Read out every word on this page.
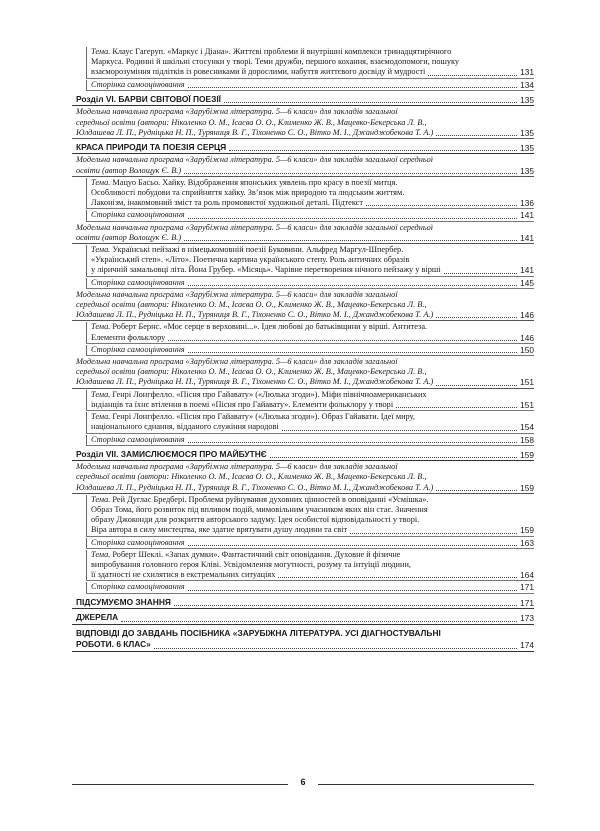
Тема. Клаус Гагеруп. «Маркус і Діана». Життєві проблеми й внутрішні комплекси тринадцятирічного
Маркуса. Родинні й шкільні стосунки у творі. Теми дружби, першого кохання, взаємодопомоги, пошуку
взаєморозуміння підлітків із ровесниками й дорослими, набуття життєвого досвіду й мудрості	131
Сторінка самооцінювання	134
Розділ VI. БАРВИ СВІТОВОЇ ПОЕЗІЇ	135
Модельна навчальна програма «Зарубіжна література. 5—6 класи» для закладів загальної
середньої освіти (автори: Ніколенко О. М., Ісаєва О. О., Клименко Ж. В., Мацевко-Бекерська Л. В.,
Юлдашева Л. П., Рудніцька Н. П., Туряниця В. Г., Тіхоненко С. О., Вітко М. І., Джанджобекова Т. А.)	135
КРАСА ПРИРОДИ ТА ПОЕЗІЯ СЕРЦЯ	135
Модельна навчальна програма «Зарубіжна література. 5—6 класи» для закладів загальної середньої
освіти (автор Волощук Є. В.)	135
Тема. Мацуо Басьо. Хайку. Відображення японських уявлень про красу в поезії митця.
Особливості побудови та сприйняття хайку. Зв’язок між природою та людським життям.
Лаконізм, інакомовний зміст та роль промовистої художньої деталі. Підтекст	136
Сторінка самооцінювання	141
Модельна навчальна програма «Зарубіжна література. 5—6 класи» для закладів загальної середньої
освіти (автор Волощук Є. В.)	141
Тема. Українські пейзажі в німецькомовній поезії Буковини. Альфред Маргул-Шпербер.
«Український степ». «Літо». Поетична картина українського степу. Роль античних образів
у ліричній замальовці літа. Йона Грубер. «Місяць». Чарівне перетворення нічного пейзажу у вірші	141
Сторінка самооцінювання	145
Модельна навчальна програма «Зарубіжна література. 5—6 класи» для закладів загальної
середньої освіти (автори: Ніколенко О. М., Ісаєва О. О., Клименко Ж. В., Мацевко-Бекерська Л. В.,
Юлдашева Л. П., Рудніцька Н. П., Туряниця В. Г., Тіхоненко С. О., Вітко М. І., Джанджобекова Т. А.)	146
Тема. Роберт Бернс. «Моє серце в верховині...». Ідея любові до батьківщини у вірші. Антитеза.
Елементи фольклору	146
Сторінка самооцінювання	150
Модельна навчальна програма «Зарубіжна література. 5—6 класи» для закладів загальної
середньої освіти (автори: Ніколенко О. М., Ісаєва О. О., Клименко Ж. В., Мацевко-Бекерська Л. В.,
Юлдашева Л. П., Рудніцька Н. П., Туряниця В. Г., Тіхоненко С. О., Вітко М. І., Джанджобекова Т. А.)	151
Тема. Генрі Лонгфелло. «Пісня про Гайавату» («Люлька згоди»). Міфи північноамериканських
індіанців та їхнє втілення в поемі «Пісня про Гайавату». Елементи фольклору у творі	151
Тема. Генрі Лонгфелло. «Пісня про Гайавату» («Люлька згоди»). Образ Гайавати. Ідеї миру,
національного єднання, відданого служіння народові	154
Сторінка самооцінювання	158
Розділ VII. ЗАМИСЛЮЄМОСЯ ПРО МАЙБУТНЄ	159
Модельна навчальна програма «Зарубіжна література. 5—6 класи» для закладів загальної
середньої освіти (автори: Ніколенко О. М., Ісаєва О. О., Клименко Ж. В., Мацевко-Бекерська Л. В.,
Юлдашева Л. П., Рудніцька Н. П., Туряниця В. Г., Тіхоненко С. О., Вітко М. І., Джанджобекова Т. А.)	159
Тема. Рей Дуглас Бредбері. Проблема руйнування духовних цінностей в оповіданні «Усмішка».
Образ Тома, його розвиток під впливом подій, мимовільним учасником яких він стає. Значення
образу Джоконди для розкриття авторського задуму. Ідея особистої відповідальності у творі.
Віра автора в силу мистецтва, яке здатне врятувати душу людини та світ	159
Сторінка самооцінювання	163
Тема. Роберт Шеклі. «Запах думки». Фантастичний світ оповідання. Духовне й фізичне
випробування головного героя Кліві. Усвідомлення могутності, розуму та інтуїції людини,
її здатності не схилятися в екстремальних ситуаціях	164
Сторінка самооцінювання	171
ПІДСУМУЄМО ЗНАННЯ	171
ДЖЕРЕЛА	173
ВІДПОВІДІ ДО ЗАВДАНЬ ПОСІБНИКА «ЗАРУБІЖНА ЛІТЕРАТУРА. УСІ ДІАГНОСТУВАЛЬНІ
РОБОТИ. 6 КЛАС»	174
6
